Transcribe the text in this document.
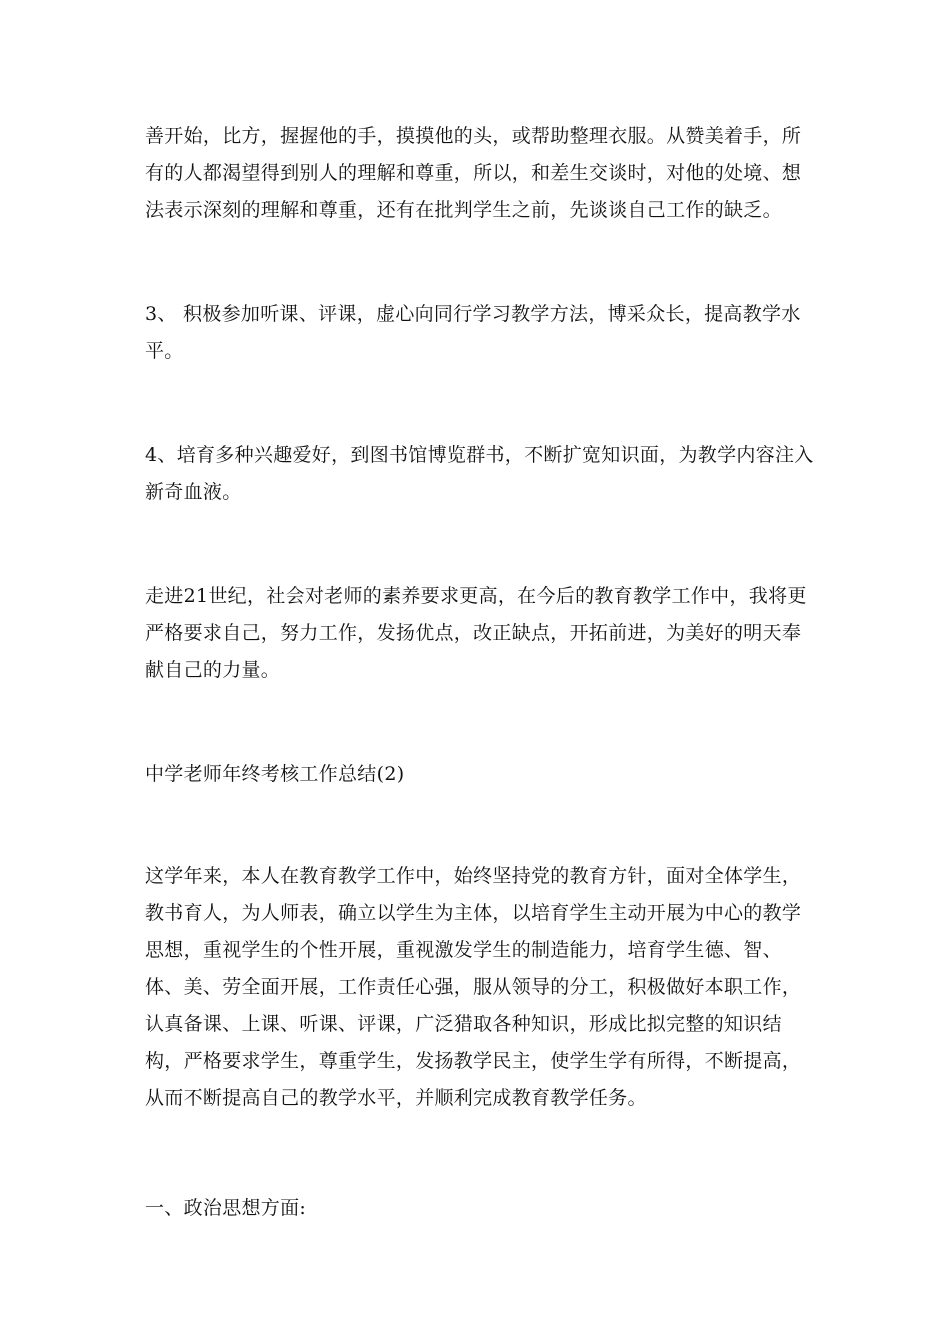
善开始，比方，握握他的手，摸摸他的头，或帮助整理衣服。从赞美着手，所有的人都渴望得到别人的理解和尊重，所以，和差生交谈时，对他的处境、想法表示深刻的理解和尊重，还有在批判学生之前，先谈谈自己工作的缺乏。

3、 积极参加听课、评课，虚心向同行学习教学方法，博采众长，提高教学水平。

4、培育多种兴趣爱好，到图书馆博览群书，不断扩宽知识面，为教学内容注入新奇血液。

走进21世纪，社会对老师的素养要求更高，在今后的教育教学工作中，我将更严格要求自己，努力工作，发扬优点，改正缺点，开拓前进，为美好的明天奉献自己的力量。

中学老师年终考核工作总结(2)

这学年来，本人在教育教学工作中，始终坚持党的教育方针，面对全体学生，教书育人，为人师表，确立以学生为主体，以培育学生主动开展为中心的教学思想，重视学生的个性开展，重视激发学生的制造能力，培育学生德、智、体、美、劳全面开展，工作责任心强，服从领导的分工，积极做好本职工作，认真备课、上课、听课、评课，广泛猎取各种知识，形成比拟完整的知识结构，严格要求学生，尊重学生，发扬教学民主，使学生学有所得，不断提高，从而不断提高自己的教学水平，并顺利完成教育教学任务。

一、政治思想方面:
